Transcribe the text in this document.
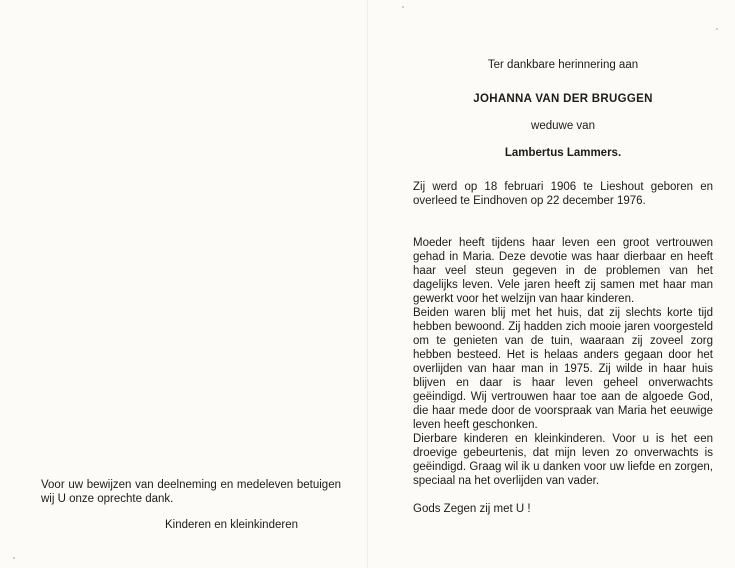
Voor uw bewijzen van deelneming en medeleven betuigen wij U onze oprechte dank.
Kinderen en kleinkinderen
Ter dankbare herinnering aan
JOHANNA VAN DER BRUGGEN
weduwe van
Lambertus Lammers.
Zij werd op 18 februari 1906 te Lieshout geboren en overleed te Eindhoven op 22 december 1976.

Moeder heeft tijdens haar leven een groot vertrouwen gehad in Maria. Deze devotie was haar dierbaar en heeft haar veel steun gegeven in de problemen van het dagelijks leven. Vele jaren heeft zij samen met haar man gewerkt voor het welzijn van haar kinderen.

Beiden waren blij met het huis, dat zij slechts korte tijd hebben bewoond. Zij hadden zich mooie jaren voorgesteld om te genieten van de tuin, waaraan zij zoveel zorg hebben besteed. Het is helaas anders gegaan door het overlijden van haar man in 1975. Zij wilde in haar huis blijven en daar is haar leven geheel onverwachts geëindigd. Wij vertrouwen haar toe aan de algoede God, die haar mede door de voorspraak van Maria het eeuwige leven heeft geschonken.

Dierbare kinderen en kleinkinderen. Voor u is het een droevige gebeurtenis, dat mijn leven zo onverwachts is geëindigd. Graag wil ik u danken voor uw liefde en zorgen, speciaal na het overlijden van vader.

Gods Zegen zij met U !
